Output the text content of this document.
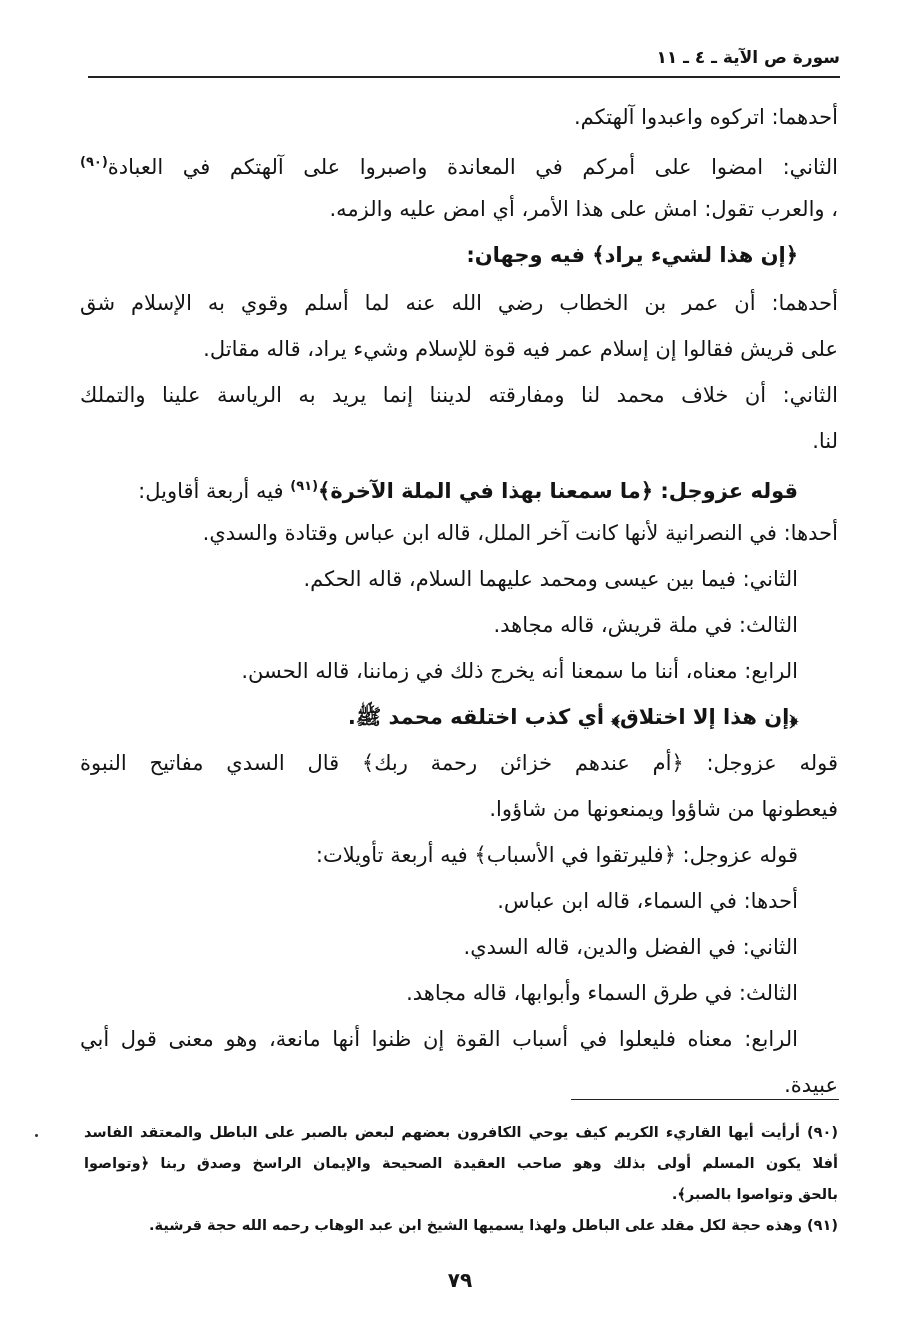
سورة ص الآية ـ ٤ ـ ١١
أحدهما: اتركوه واعبدوا آلهتكم.
الثاني: امضوا على أمركم في المعاندة واصبروا على آلهتكم في العبادة$^{(٩٠)}$
، والعرب تقول: امش على هذا الأمر، أي امض عليه والزمه.
﴿إن هذا لشيء يراد﴾ فيه وجهان:
أحدهما: أن عمر بن الخطاب رضي الله عنه لما أسلم وقوي به الإسلام شق
على قريش فقالوا إن إسلام عمر فيه قوة للإسلام وشيء يراد، قاله مقاتل.
الثاني: أن خلاف محمد لنا ومفارقته لديننا إنما يريد به الرياسة علينا والتملك
لنا.
قوله عزوجل: ﴿ما سمعنا بهذا في الملة الآخرة﴾$^{(٩١)}$ فيه أربعة أقاويل:
أحدها: في النصرانية لأنها كانت آخر الملل، قاله ابن عباس وقتادة والسدي.
الثاني: فيما بين عيسى ومحمد عليهما السلام، قاله الحكم.
الثالث: في ملة قريش، قاله مجاهد.
الرابع: معناه، أننا ما سمعنا أنه يخرج ذلك في زماننا، قاله الحسن.
﴿إن هذا إلا اختلاق﴾ أي كذب اختلقه محمد ﷺ.
قوله عزوجل: ﴿أم عندهم خزائن رحمة ربك﴾ قال السدي مفاتيح النبوة
فيعطونها من شاؤوا ويمنعونها من شاؤوا.
قوله عزوجل: ﴿فليرتقوا في الأسباب﴾ فيه أربعة تأويلات:
أحدها: في السماء، قاله ابن عباس.
الثاني: في الفضل والدين، قاله السدي.
الثالث: في طرق السماء وأبوابها، قاله مجاهد.
الرابع: معناه فليعلوا في أسباب القوة إن ظنوا أنها مانعة، وهو معنى قول أبي
عبيدة.
(٩٠) أرأيت أيها القاريء الكريم كيف يوحي الكافرون بعضهم لبعض بالصبر على الباطل والمعتقد الفاسد
أفلا يكون المسلم أولى بذلك وهو صاحب العقيدة الصحيحة والإيمان الراسخ وصدق ربنا ﴿وتواصوا
بالحق وتواصوا بالصبر﴾.
(٩١) وهذه حجة لكل مقلد على الباطل ولهذا يسميها الشيخ ابن عبد الوهاب رحمه الله حجة قرشية.
٧٩
